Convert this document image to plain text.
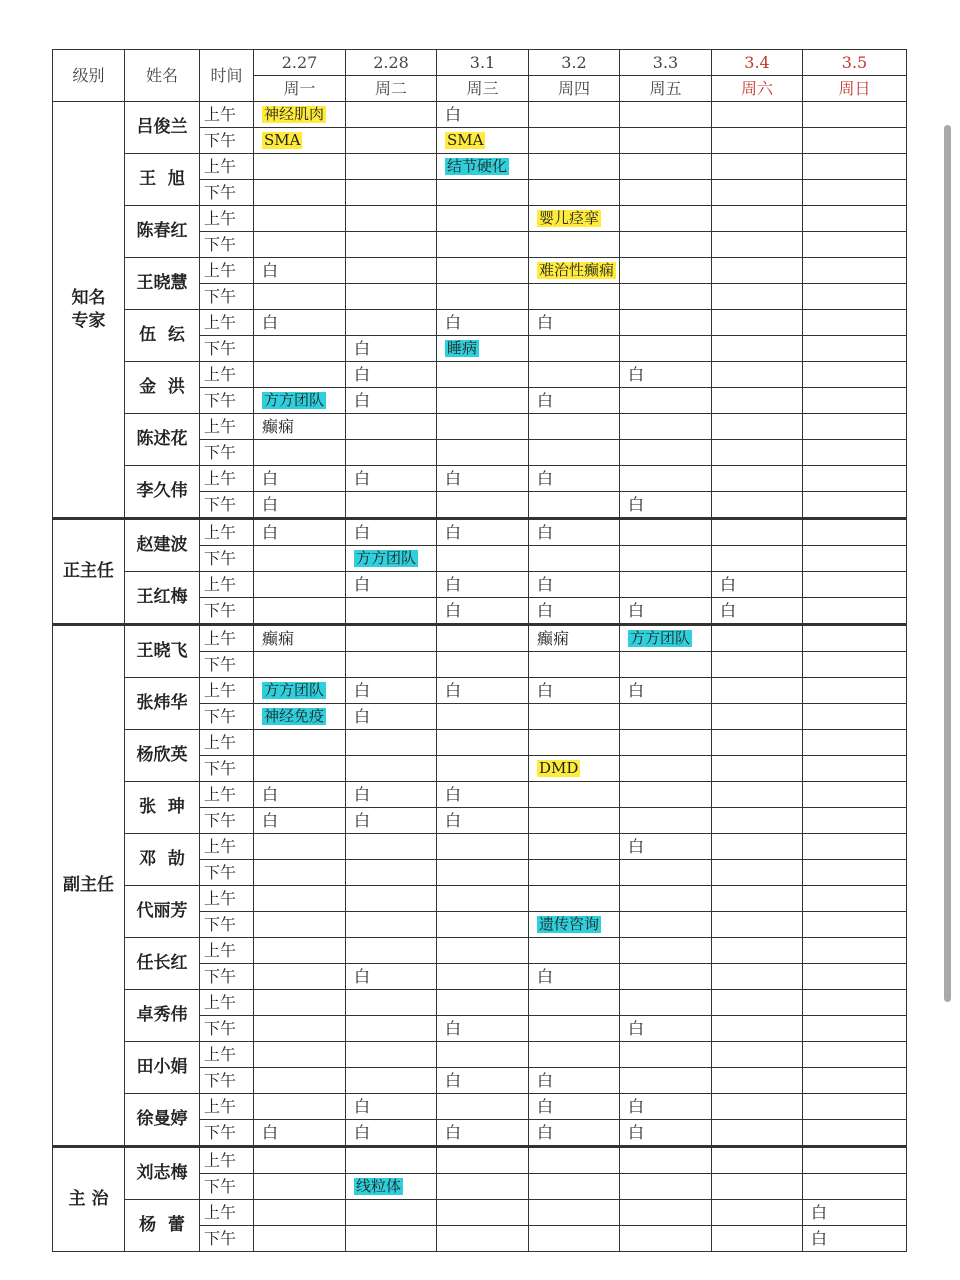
级别	姓名	时间	2.27	2.28	3.1	3.2	3.3	3.4	3.5
			周一	周二	周三	周四	周五	周六	周日
知名
专家	吕俊兰	上午	神经肌肉		白				
		下午	SMA		SMA				
	王  旭	上午			结节硬化				
		下午							
	陈春红	上午				婴儿痉挛			
		下午							
	王晓慧	上午	白			难治性癫痫			
		下午							
	伍  纭	上午	白		白	白			
		下午		白	睡病				
	金  洪	上午		白			白		
		下午	方方团队	白		白			
	陈述花	上午	癫痫						
		下午							
	李久伟	上午	白	白	白	白			
		下午	白				白		
正主任	赵建波	上午	白	白	白	白			
		下午		方方团队					
	王红梅	上午		白	白	白		白	
		下午			白	白	白	白	
副主任	王晓飞	上午	癫痫			癫痫	方方团队		
		下午							
	张炜华	上午	方方团队	白	白	白	白		
		下午	神经免疫	白					
	杨欣英	上午							
		下午				DMD			
	张  珅	上午	白	白	白				
		下午	白	白	白				
	邓  劼	上午					白		
		下午							
	代丽芳	上午							
		下午				遗传咨询			
	任长红	上午							
		下午		白		白			
	卓秀伟	上午							
		下午			白		白		
	田小娟	上午							
		下午			白	白			
	徐曼婷	上午		白		白	白		
		下午	白	白	白	白	白		
主 治	刘志梅	上午							
		下午		线粒体					
	杨  蕾	上午							白
		下午							白
